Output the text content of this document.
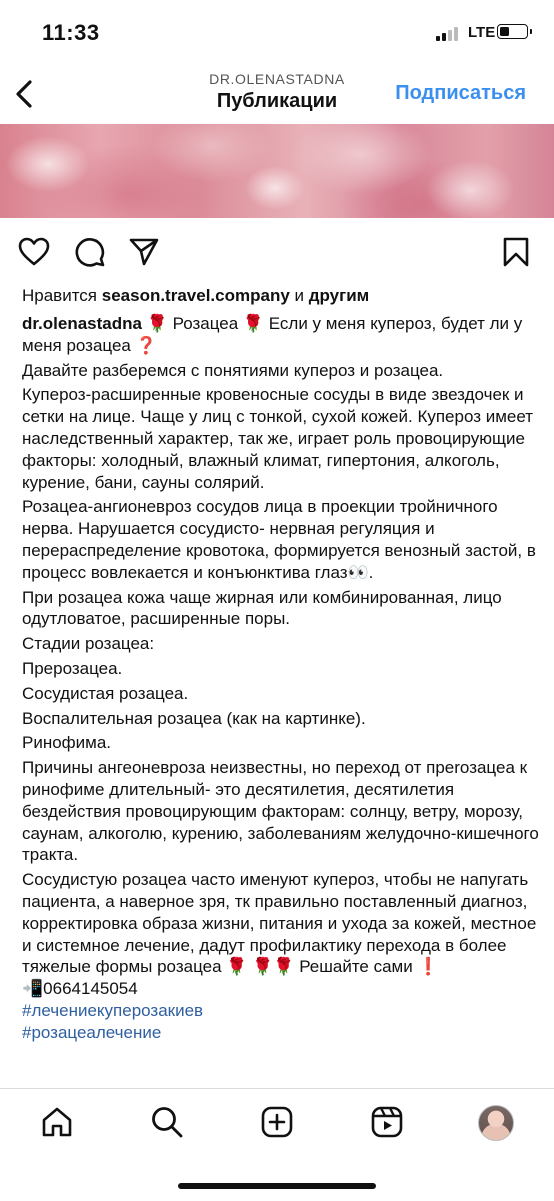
11:33	LTE
DR.OLENASTADNA
Публикации	Подписаться
Нравится season.travel.company и другим

dr.olenastadna 🌹 Розацеа 🌹 Если у меня купероз, будет ли у меня розацеа ❓

Давайте разберемся с понятиями купероз и розацеа.

Купероз-расширенные кровеносные сосуды в виде звездочек и сетки на лице. Чаще у лиц с тонкой, сухой кожей. Купероз имеет наследственный характер, так же, играет роль провоцирующие факторы: холодный, влажный климат, гипертония, алкоголь, курение, бани, сауны солярий.

Розацеа-ангионевроз сосудов лица в проекции тройничного нерва. Нарушается сосудисто- нервная регуляция и перераспределение кровотока, формируется венозный застой, в процесс вовлекается и конъюнктива глаз👀.

При розацеа кожа чаще жирная или комбинированная, лицо одутловатое, расширенные поры.

Стадии розацеа:

Прерозацеа.

Сосудистая розацеа.

Воспалительная розацеа (как на картинке).

Ринофима.

Причины ангеоневроза неизвестны, но переход от преrозацеа к ринофиме длительный- это десятилетия, десятилетия бездействия провоцирующим факторам: солнцу, ветру, морозу, саунам, алкоголю, курению, заболеваниям желудочно-кишечного тракта.

Сосудистую розацеа часто именуют купероз, чтобы не напугать пациента, а наверное зря, тк правильно поставленный диагноз, корректировка образа жизни, питания и ухода за кожей, местное и системное лечение, дадут профилактику перехода в более тяжелые формы розацеа 🌹 🌹🌹 Решайте сами ❗

📲0664145054

#лечениекуперозакиев

#розацеалечение
